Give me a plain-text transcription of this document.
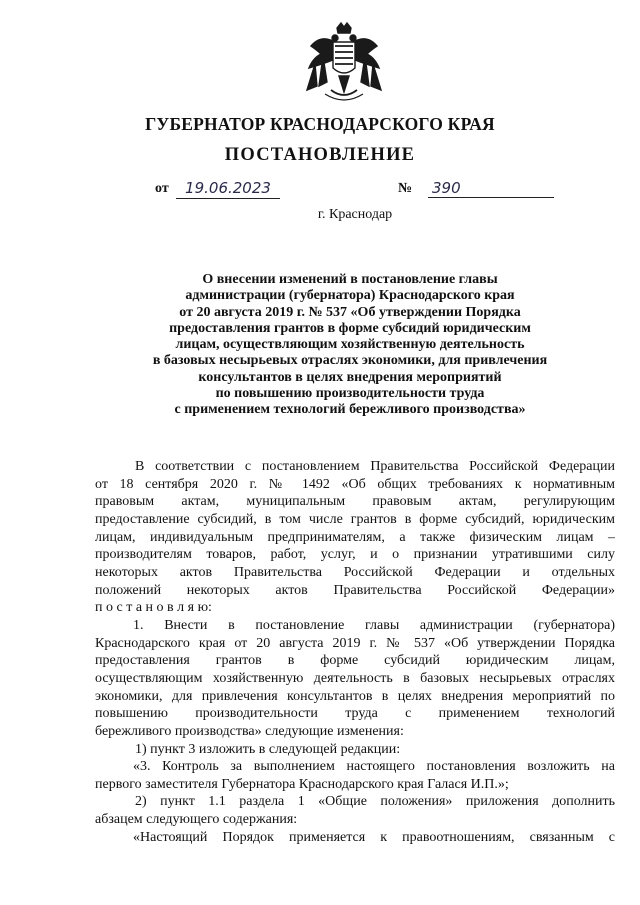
ГУБЕРНАТОР КРАСНОДАРСКОГО КРАЯ
ПОСТАНОВЛЕНИЕ
от	19.06.2023	№ 390
г. Краснодар
О внесении изменений в постановление главы
администрации (губернатора) Краснодарского края
от 20 августа 2019 г. № 537 «Об утверждении Порядка
предоставления грантов в форме субсидий юридическим
лицам, осуществляющим хозяйственную деятельность
в базовых несырьевых отраслях экономики, для привлечения
консультантов в целях внедрения мероприятий
по повышению производительности труда
с применением технологий бережливого производства»
В соответствии с постановлением Правительства Российской Федерации
от 18 сентября 2020 г. № 1492 «Об общих требованиях к нормативным
правовым актам, муниципальным правовым актам, регулирующим
предоставление субсидий, в том числе грантов в форме субсидий, юридическим
лицам, индивидуальным предпринимателям, а также физическим лицам –
производителям товаров, работ, услуг, и о признании утратившими силу
некоторых актов Правительства Российской Федерации и отдельных
положений некоторых актов Правительства Российской Федерации»
п о с т а н о в л я ю:
1. Внести в постановление главы администрации (губернатора)
Краснодарского края от 20 августа 2019 г. № 537 «Об утверждении Порядка
предоставления грантов в форме субсидий юридическим лицам,
осуществляющим хозяйственную деятельность в базовых несырьевых отраслях
экономики, для привлечения консультантов в целях внедрения мероприятий по
повышению производительности труда с применением технологий
бережливого производства» следующие изменения:
1) пункт 3 изложить в следующей редакции:
«3. Контроль за выполнением настоящего постановления возложить на
первого заместителя Губернатора Краснодарского края Галася И.П.»;
2) пункт 1.1 раздела 1 «Общие положения» приложения дополнить
абзацем следующего содержания:
«Настоящий Порядок применяется к правоотношениям, связанным с
